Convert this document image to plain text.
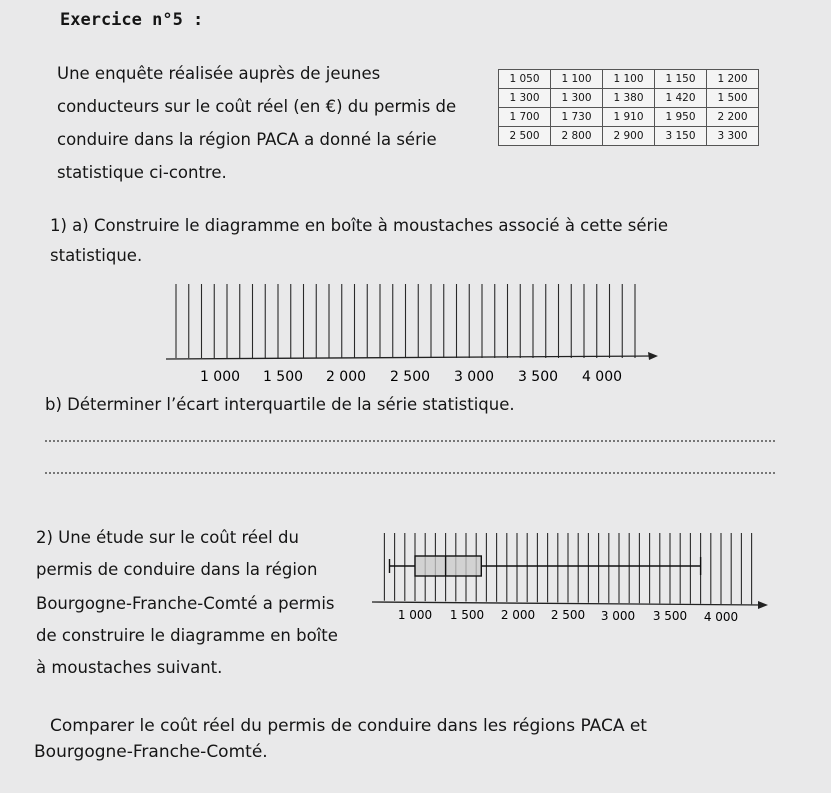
Exercice n°5 :
Une enquête réalisée auprès de jeunes
conducteurs sur le coût réel (en €) du permis de
conduire dans la région PACA a donné la série
statistique ci-contre.
1 050	1 100	1 100	1 150	1 200
1 300	1 300	1 380	1 420	1 500
1 700	1 730	1 910	1 950	2 200
2 500	2 800	2 900	3 150	3 300
1) a) Construire le diagramme en boîte à moustaches associé à cette série
statistique.
1 000 1 500 2 000 2 500 3 000 3 500 4 000
b) Déterminer l’écart interquartile de la série statistique.
2) Une étude sur le coût réel du
permis de conduire dans la région
Bourgogne-Franche-Comté a permis
de construire le diagramme en boîte
à moustaches suivant.
1 000 1 500 2 000 2 500 3 000 3 500 4 000
Comparer le coût réel du permis de conduire dans les régions PACA et
Bourgogne-Franche-Comté.
